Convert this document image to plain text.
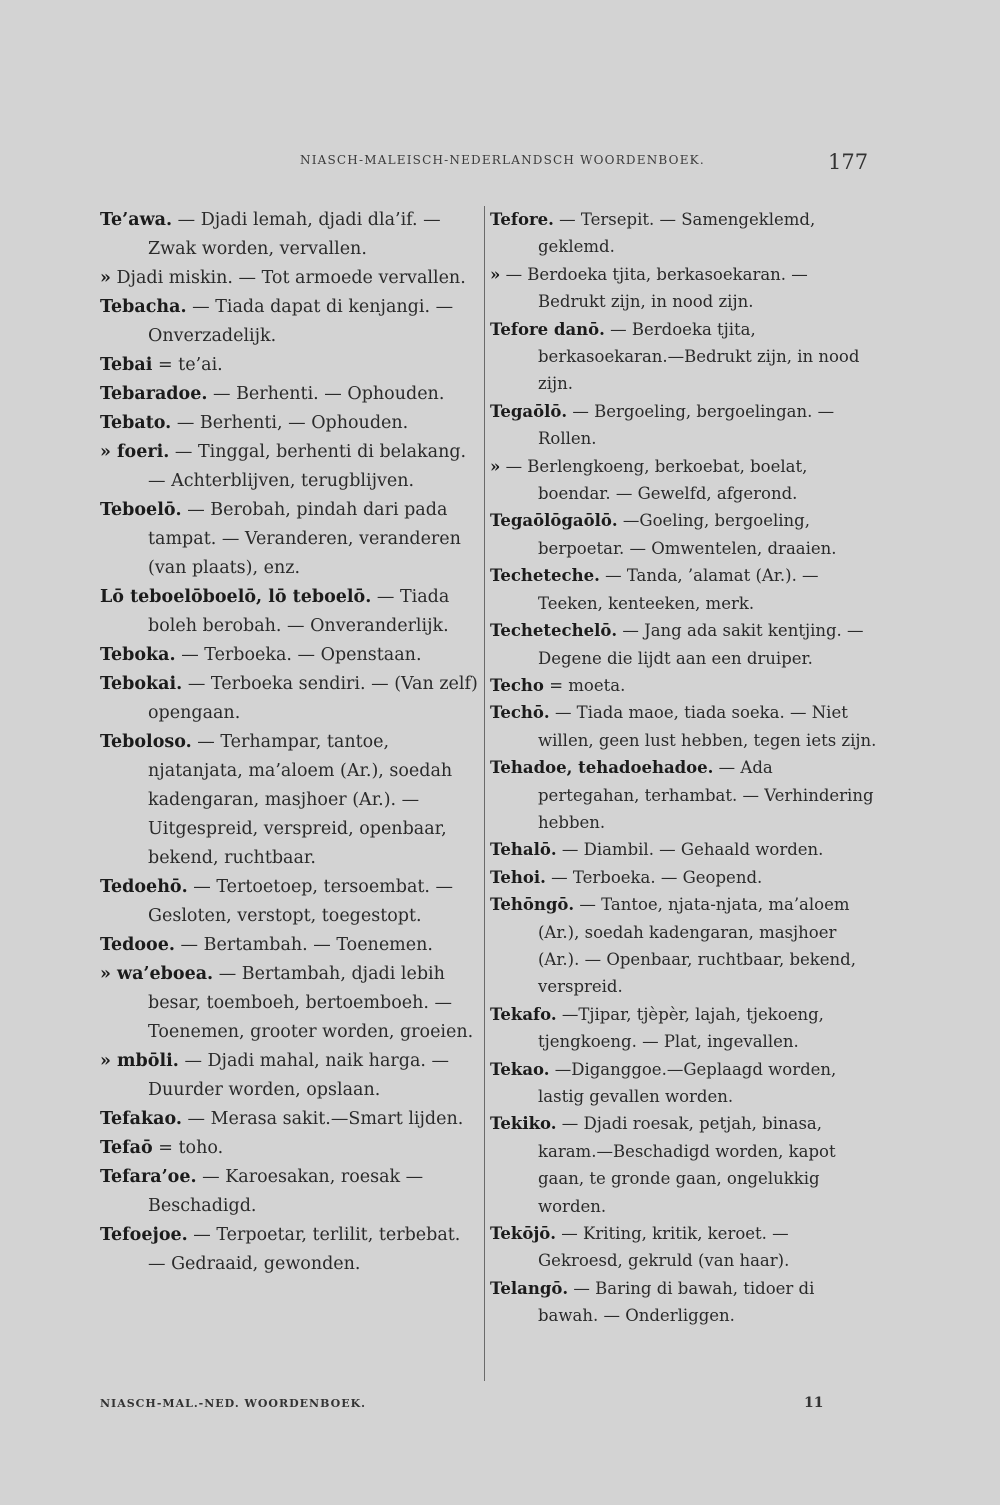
NIASCH-MALEISCH-NEDERLANDSCH WOORDENBOEK.	177

Te’awa. — Djadi lemah, djadi dla’if. — Zwak worden, vervallen.

» Djadi miskin. — Tot armoede vervallen.

Tebacha. — Tiada dapat di kenjangi. — Onverzadelijk.

Tebai = te’ai.

Tebaradoe. — Berhenti. — Ophouden.

Tebato. — Berhenti, — Ophouden.

» foeri. — Tinggal, berhenti di belakang. — Achterblijven, terugblijven.

Teboelō. — Berobah, pindah dari pada tampat. — Veranderen, veranderen (van plaats), enz.

Lō teboelōboelō, lō teboelō. — Tiada boleh berobah. — Onveranderlijk.

Teboka. — Terboeka. — Openstaan.

Tebokai. — Terboeka sendiri. — (Van zelf) opengaan.

Teboloso. — Terhampar, tantoe, njatanjata, ma’aloem (Ar.), soedah kadengaran, masjhoer (Ar.). — Uitgespreid, verspreid, openbaar, bekend, ruchtbaar.

Tedoehō. — Tertoetoep, tersoembat. — Gesloten, verstopt, toegestopt.

Tedooe. — Bertambah. — Toenemen.

» wa’eboea. — Bertambah, djadi lebih besar, toemboeh, bertoemboeh. — Toenemen, grooter worden, groeien.

» mbōli. — Djadi mahal, naik harga. — Duurder worden, opslaan.

Tefakao. — Merasa sakit.—Smart lijden.

Tefaō = toho.

Tefara’oe. — Karoesakan, roesak — Beschadigd.

Tefoejoe. — Terpoetar, terlilit, terbebat. — Gedraaid, gewonden.

Tefore. — Tersepit. — Samengeklemd, geklemd.

» — Berdoeka tjita, berkasoekaran. — Bedrukt zijn, in nood zijn.

Tefore danō. — Berdoeka tjita, berkasoekaran.—Bedrukt zijn, in nood zijn.

Tegaōlō. — Bergoeling, bergoelingan. — Rollen.

» — Berlengkoeng, berkoebat, boelat, boendar. — Gewelfd, afgerond.

Tegaōlōgaōlō. —Goeling, bergoeling, berpoetar. — Omwentelen, draaien.

Techeteche. — Tanda, ’alamat (Ar.). — Teeken, kenteeken, merk.

Techetechelō. — Jang ada sakit kentjing. —Degene die lijdt aan een druiper.

Techo = moeta.

Techō. — Tiada maoe, tiada soeka. — Niet willen, geen lust hebben, tegen iets zijn.

Tehadoe, tehadoehadoe. — Ada pertegahan, terhambat. — Verhindering hebben.

Tehalō. — Diambil. — Gehaald worden.

Tehoi. — Terboeka. — Geopend.

Tehōngō. — Tantoe, njata-njata, ma’aloem (Ar.), soedah kadengaran, masjhoer (Ar.). — Openbaar, ruchtbaar, bekend, verspreid.

Tekafo. —Tjipar, tjèpèr, lajah, tjekoeng, tjengkoeng. — Plat, ingevallen.

Tekao. —Diganggoe.—Geplaagd worden, lastig gevallen worden.

Tekiko. — Djadi roesak, petjah, binasa, karam.—Beschadigd worden, kapot gaan, te gronde gaan, ongelukkig worden.

Tekōjō. — Kriting, kritik, keroet. — Gekroesd, gekruld (van haar).

Telangō. — Baring di bawah, tidoer di bawah. — Onderliggen.

NIASCH-MAL.-NED. WOORDENBOEK.	11
